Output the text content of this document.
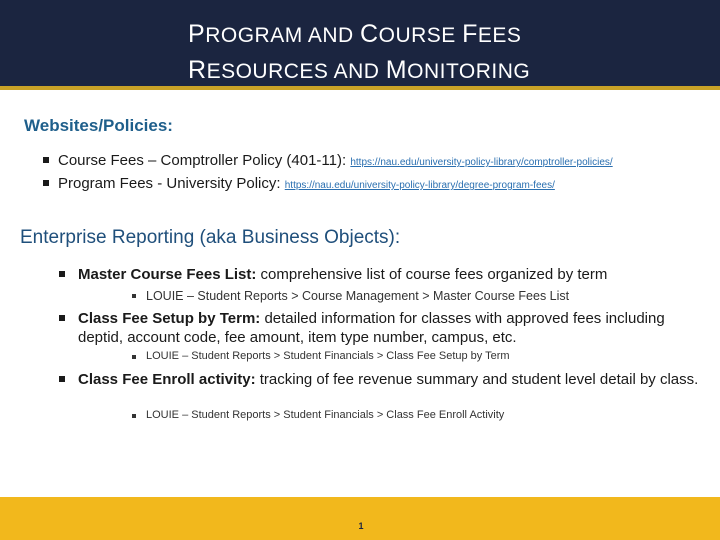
PROGRAM AND COURSE FEES
RESOURCES AND MONITORING
Websites/Policies:
Course Fees – Comptroller Policy (401-11): https://nau.edu/university-policy-library/comptroller-policies/
Program Fees - University Policy: https://nau.edu/university-policy-library/degree-program-fees/
Enterprise Reporting (aka Business Objects):
Master Course Fees List: comprehensive list of course fees organized by term
LOUIE – Student Reports > Course Management > Master Course Fees List
Class Fee Setup by Term: detailed information for classes with approved fees including deptid, account code, fee amount, item type number, campus, etc.
LOUIE – Student Reports > Student Financials > Class Fee Setup by Term
Class Fee Enroll activity: tracking of fee revenue summary and student level detail by class.
LOUIE – Student Reports > Student Financials > Class Fee Enroll Activity
1
